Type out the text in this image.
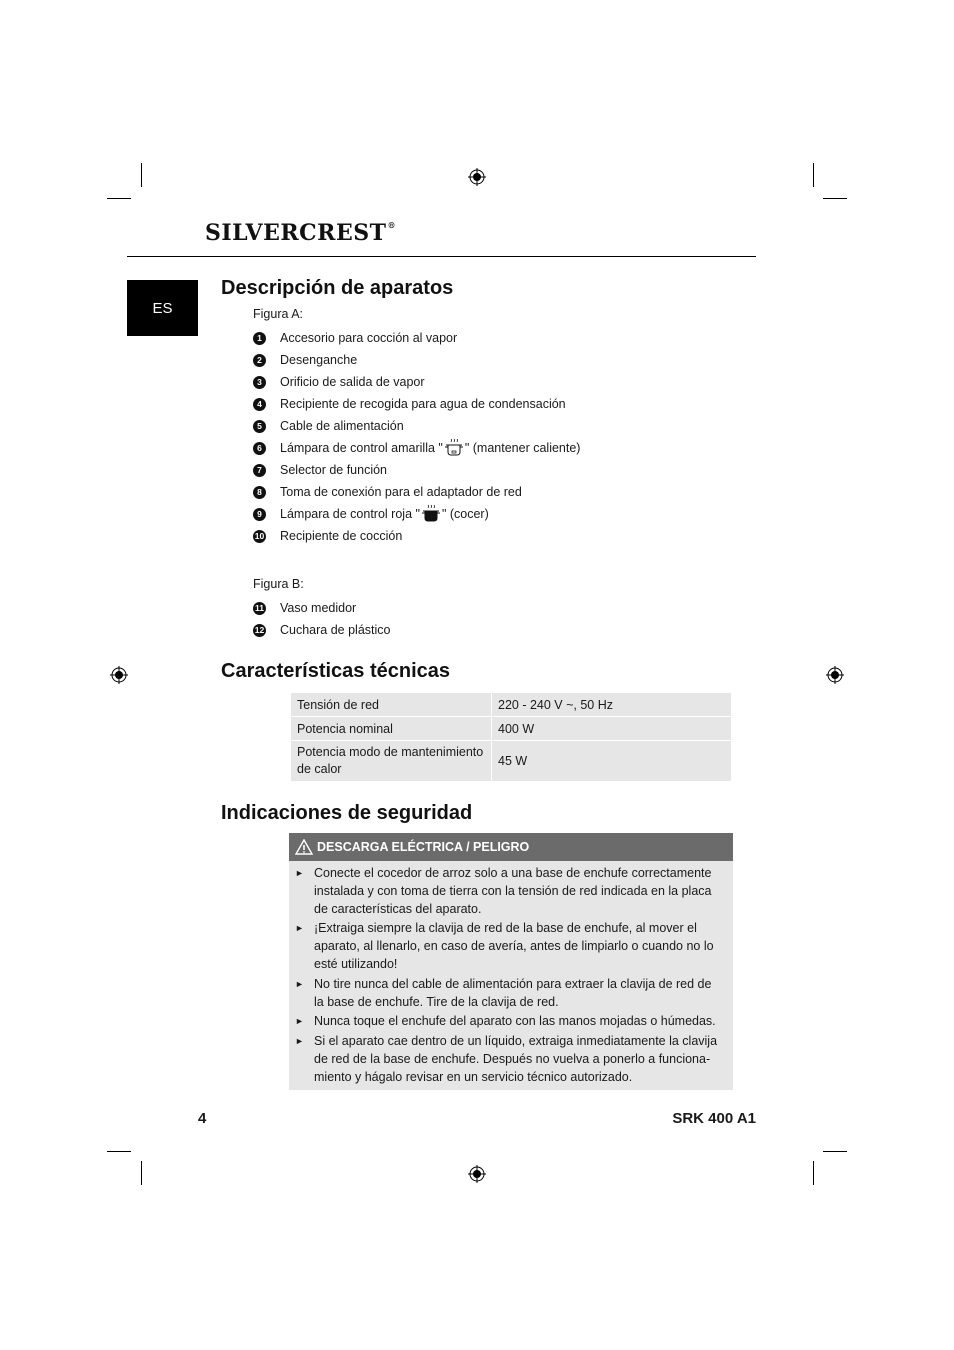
SILVERCREST®
ES
Descripción de aparatos
Figura A:
1	Accesorio para cocción al vapor
2	Desenganche
3	Orificio de salida de vapor
4	Recipiente de recogida para agua de condensación
5	Cable de alimentación
6	Lámpara de control amarilla " " (mantener caliente)
7	Selector de función
8	Toma de conexión para el adaptador de red
9	Lámpara de control roja " " (cocer)
10 Recipiente de cocción
Figura B:
11 Vaso medidor
12 Cuchara de plástico
Características técnicas
Tensión de red	220 - 240 V ~, 50 Hz
Potencia nominal	400 W
Potencia modo de mantenimiento de calor	45 W
Indicaciones de seguridad
DESCARGA ELÉCTRICA / PELIGRO
► Conecte el cocedor de arroz solo a una base de enchufe correctamente instalada y con toma de tierra con la tensión de red indicada en la placa de características del aparato.
► ¡Extraiga siempre la clavija de red de la base de enchufe, al mover el aparato, al llenarlo, en caso de avería, antes de limpiarlo o cuando no lo esté utilizando!
► No tire nunca del cable de alimentación para extraer la clavija de red de la base de enchufe. Tire de la clavija de red.
► Nunca toque el enchufe del aparato con las manos mojadas o húmedas.
► Si el aparato cae dentro de un líquido, extraiga inmediatamente la clavija de red de la base de enchufe. Después no vuelva a ponerlo a funciona-miento y hágalo revisar en un servicio técnico autorizado.
4	SRK 400 A1
